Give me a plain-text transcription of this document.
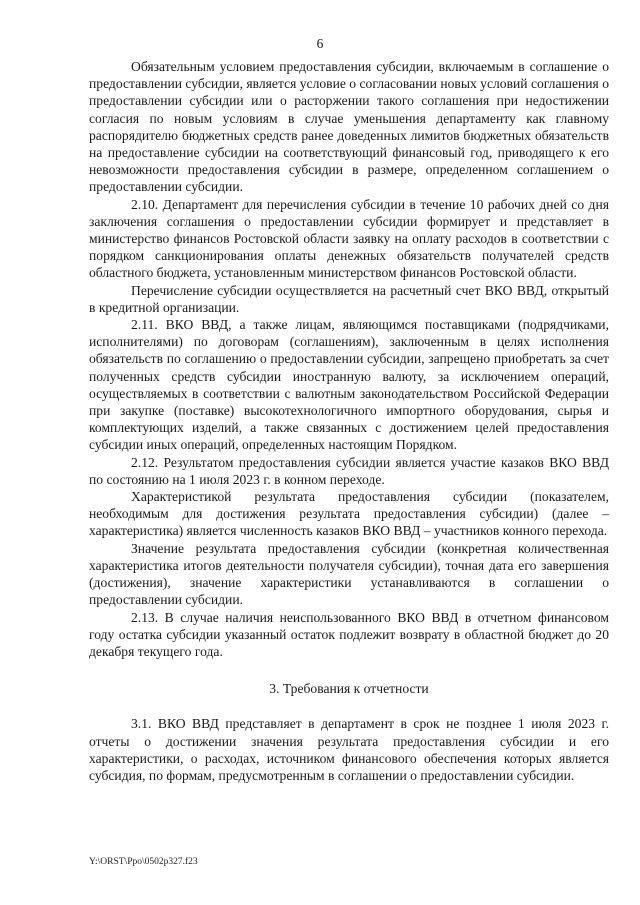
6

Обязательным условием предоставления субсидии, включаемым в соглашение о предоставлении субсидии, является условие о согласовании новых условий соглашения о предоставлении субсидии или о расторжении такого соглашения при недостижении согласия по новым условиям в случае уменьшения департаменту как главному распорядителю бюджетных средств ранее доведенных лимитов бюджетных обязательств на предоставление субсидии на соответствующий финансовый год, приводящего к его невозможности предоставления субсидии в размере, определенном соглашением о предоставлении субсидии.

2.10. Департамент для перечисления субсидии в течение 10 рабочих дней со дня заключения соглашения о предоставлении субсидии формирует и представляет в министерство финансов Ростовской области заявку на оплату расходов в соответствии с порядком санкционирования оплаты денежных обязательств получателей средств областного бюджета, установленным министерством финансов Ростовской области.

Перечисление субсидии осуществляется на расчетный счет ВКО ВВД, открытый в кредитной организации.

2.11. ВКО ВВД, а также лицам, являющимся поставщиками (подрядчиками, исполнителями) по договорам (соглашениям), заключенным в целях исполнения обязательств по соглашению о предоставлении субсидии, запрещено приобретать за счет полученных средств субсидии иностранную валюту, за исключением операций, осуществляемых в соответствии с валютным законодательством Российской Федерации при закупке (поставке) высокотехнологичного импортного оборудования, сырья и комплектующих изделий, а также связанных с достижением целей предоставления субсидии иных операций, определенных настоящим Порядком.

2.12. Результатом предоставления субсидии является участие казаков ВКО ВВД по состоянию на 1 июля 2023 г. в конном переходе.

Характеристикой результата предоставления субсидии (показателем, необходимым для достижения результата предоставления субсидии) (далее – характеристика) является численность казаков ВКО ВВД – участников конного перехода.

Значение результата предоставления субсидии (конкретная количественная характеристика итогов деятельности получателя субсидии), точная дата его завершения (достижения), значение характеристики устанавливаются в соглашении о предоставлении субсидии.

2.13. В случае наличия неиспользованного ВКО ВВД в отчетном финансовом году остатка субсидии указанный остаток подлежит возврату в областной бюджет до 20 декабря текущего года.

3. Требования к отчетности

3.1. ВКО ВВД представляет в департамент в срок не позднее 1 июля 2023 г. отчеты о достижении значения результата предоставления субсидии и его характеристики, о расходах, источником финансового обеспечения которых является субсидия, по формам, предусмотренным в соглашении о предоставлении субсидии.

Y:\ORST\Ppo\0502p327.f23
